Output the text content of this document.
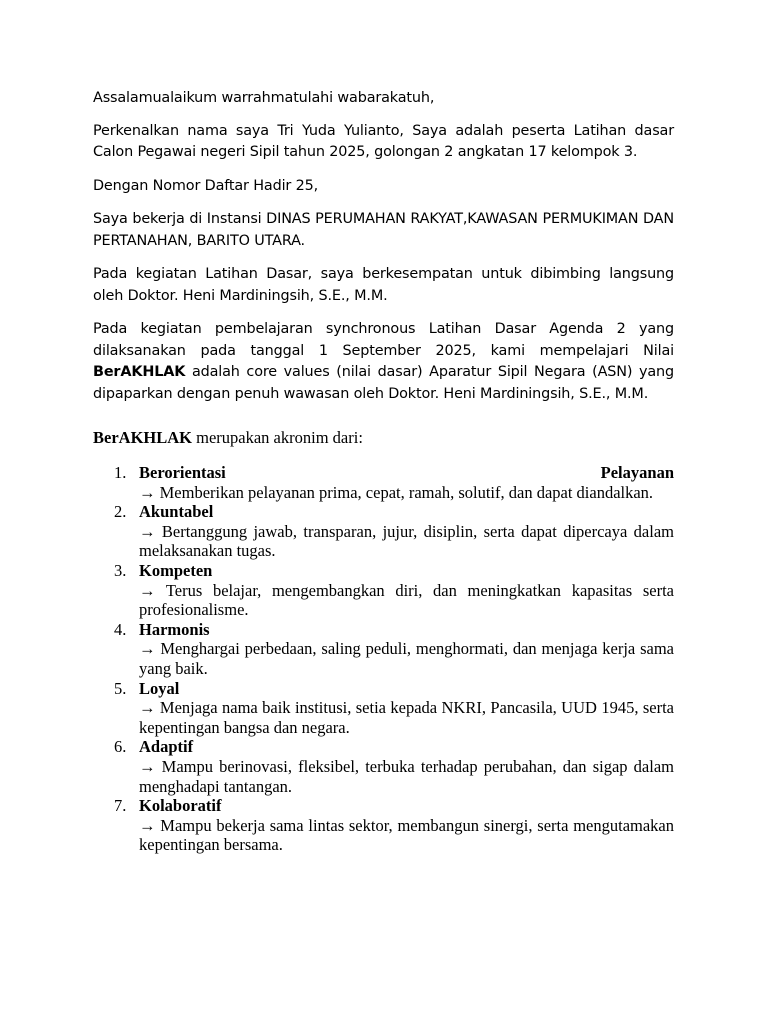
Assalamualaikum warrahmatulahi wabarakatuh,

Perkenalkan nama saya Tri Yuda Yulianto, Saya adalah peserta Latihan dasar Calon Pegawai negeri Sipil tahun 2025, golongan 2 angkatan 17 kelompok 3.

Dengan Nomor Daftar Hadir 25,

Saya bekerja di Instansi DINAS PERUMAHAN RAKYAT,KAWASAN PERMUKIMAN DAN PERTANAHAN, BARITO UTARA.

Pada kegiatan Latihan Dasar, saya berkesempatan untuk dibimbing langsung oleh Doktor. Heni Mardiningsih, S.E., M.M.

Pada kegiatan pembelajaran synchronous Latihan Dasar Agenda 2 yang dilaksanakan pada tanggal 1 September 2025, kami mempelajari Nilai BerAKHLAK adalah core values (nilai dasar) Aparatur Sipil Negara (ASN) yang dipaparkan dengan penuh wawasan oleh Doktor. Heni Mardiningsih, S.E., M.M.

BerAKHLAK merupakan akronim dari:

1. Berorientasi Pelayanan
→ Memberikan pelayanan prima, cepat, ramah, solutif, dan dapat diandalkan.
2. Akuntabel
→ Bertanggung jawab, transparan, jujur, disiplin, serta dapat dipercaya dalam melaksanakan tugas.
3. Kompeten
→ Terus belajar, mengembangkan diri, dan meningkatkan kapasitas serta profesionalisme.
4. Harmonis
→ Menghargai perbedaan, saling peduli, menghormati, dan menjaga kerja sama yang baik.
5. Loyal
→ Menjaga nama baik institusi, setia kepada NKRI, Pancasila, UUD 1945, serta kepentingan bangsa dan negara.
6. Adaptif
→ Mampu berinovasi, fleksibel, terbuka terhadap perubahan, dan sigap dalam menghadapi tantangan.
7. Kolaboratif
→ Mampu bekerja sama lintas sektor, membangun sinergi, serta mengutamakan kepentingan bersama.
